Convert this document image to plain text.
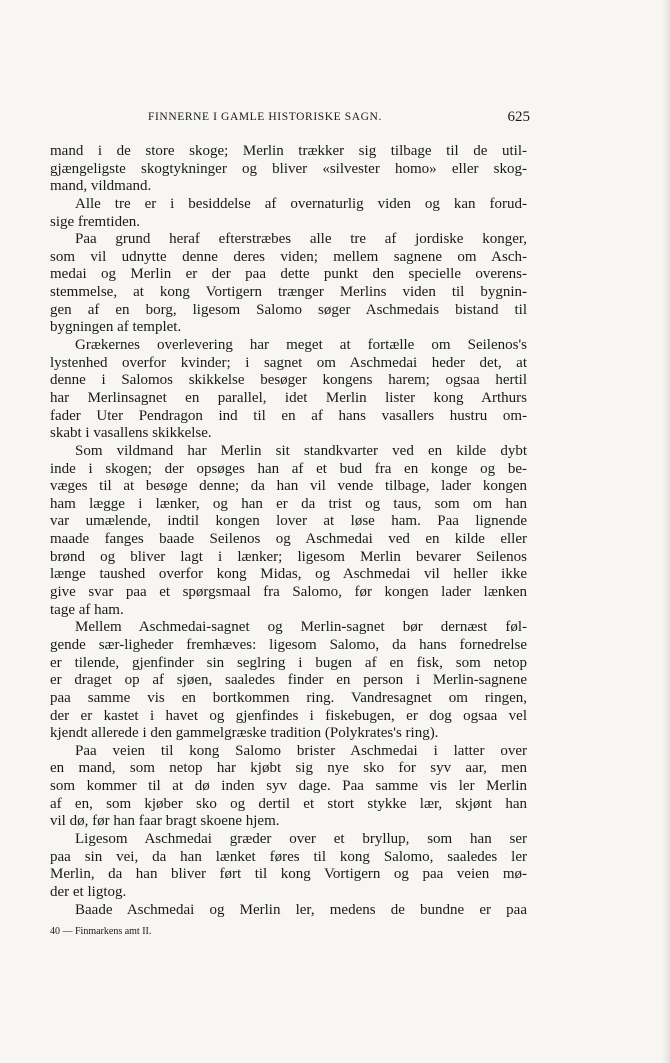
FINNERNE I GAMLE HISTORISKE SAGN.	625
mand i de store skoge; Merlin trækker sig tilbage til de util-
gjængeligste skogtykninger og bliver «silvester homo» eller skog-
mand, vildmand.
Alle tre er i besiddelse af overnaturlig viden og kan forud-
sige fremtiden.
Paa grund heraf efterstræbes alle tre af jordiske konger,
som vil udnytte denne deres viden; mellem sagnene om Asch-
medai og Merlin er der paa dette punkt den specielle overens-
stemmelse, at kong Vortigern trænger Merlins viden til bygnin-
gen af en borg, ligesom Salomo søger Aschmedais bistand til
bygningen af templet.
Grækernes overlevering har meget at fortælle om Seilenos's
lystenhed overfor kvinder; i sagnet om Aschmedai heder det, at
denne i Salomos skikkelse besøger kongens harem; ogsaa hertil
har Merlinsagnet en parallel, idet Merlin lister kong Arthurs
fader Uter Pendragon ind til en af hans vasallers hustru om-
skabt i vasallens skikkelse.
Som vildmand har Merlin sit standkvarter ved en kilde dybt
inde i skogen; der opsøges han af et bud fra en konge og be-
væges til at besøge denne; da han vil vende tilbage, lader kongen
ham lægge i lænker, og han er da trist og taus, som om han
var umælende, indtil kongen lover at løse ham. Paa lignende
maade fanges baade Seilenos og Aschmedai ved en kilde eller
brønd og bliver lagt i lænker; ligesom Merlin bevarer Seilenos
længe taushed overfor kong Midas, og Aschmedai vil heller ikke
give svar paa et spørgsmaal fra Salomo, før kongen lader lænken
tage af ham.
Mellem Aschmedai-sagnet og Merlin-sagnet bør dernæst føl-
gende sær-ligheder fremhæves: ligesom Salomo, da hans fornedrelse
er tilende, gjenfinder sin seglring i bugen af en fisk, som netop
er draget op af sjøen, saaledes finder en person i Merlin-sagnene
paa samme vis en bortkommen ring. Vandresagnet om ringen,
der er kastet i havet og gjenfindes i fiskebugen, er dog ogsaa vel
kjendt allerede i den gammelgræske tradition (Polykrates's ring).
Paa veien til kong Salomo brister Aschmedai i latter over
en mand, som netop har kjøbt sig nye sko for syv aar, men
som kommer til at dø inden syv dage. Paa samme vis ler Merlin
af en, som kjøber sko og dertil et stort stykke lær, skjønt han
vil dø, før han faar bragt skoene hjem.
Ligesom Aschmedai græder over et bryllup, som han ser
paa sin vei, da han lænket føres til kong Salomo, saaledes ler
Merlin, da han bliver ført til kong Vortigern og paa veien mø-
der et ligtog.
Baade Aschmedai og Merlin ler, medens de bundne er paa
40 — Finmarkens amt II.
